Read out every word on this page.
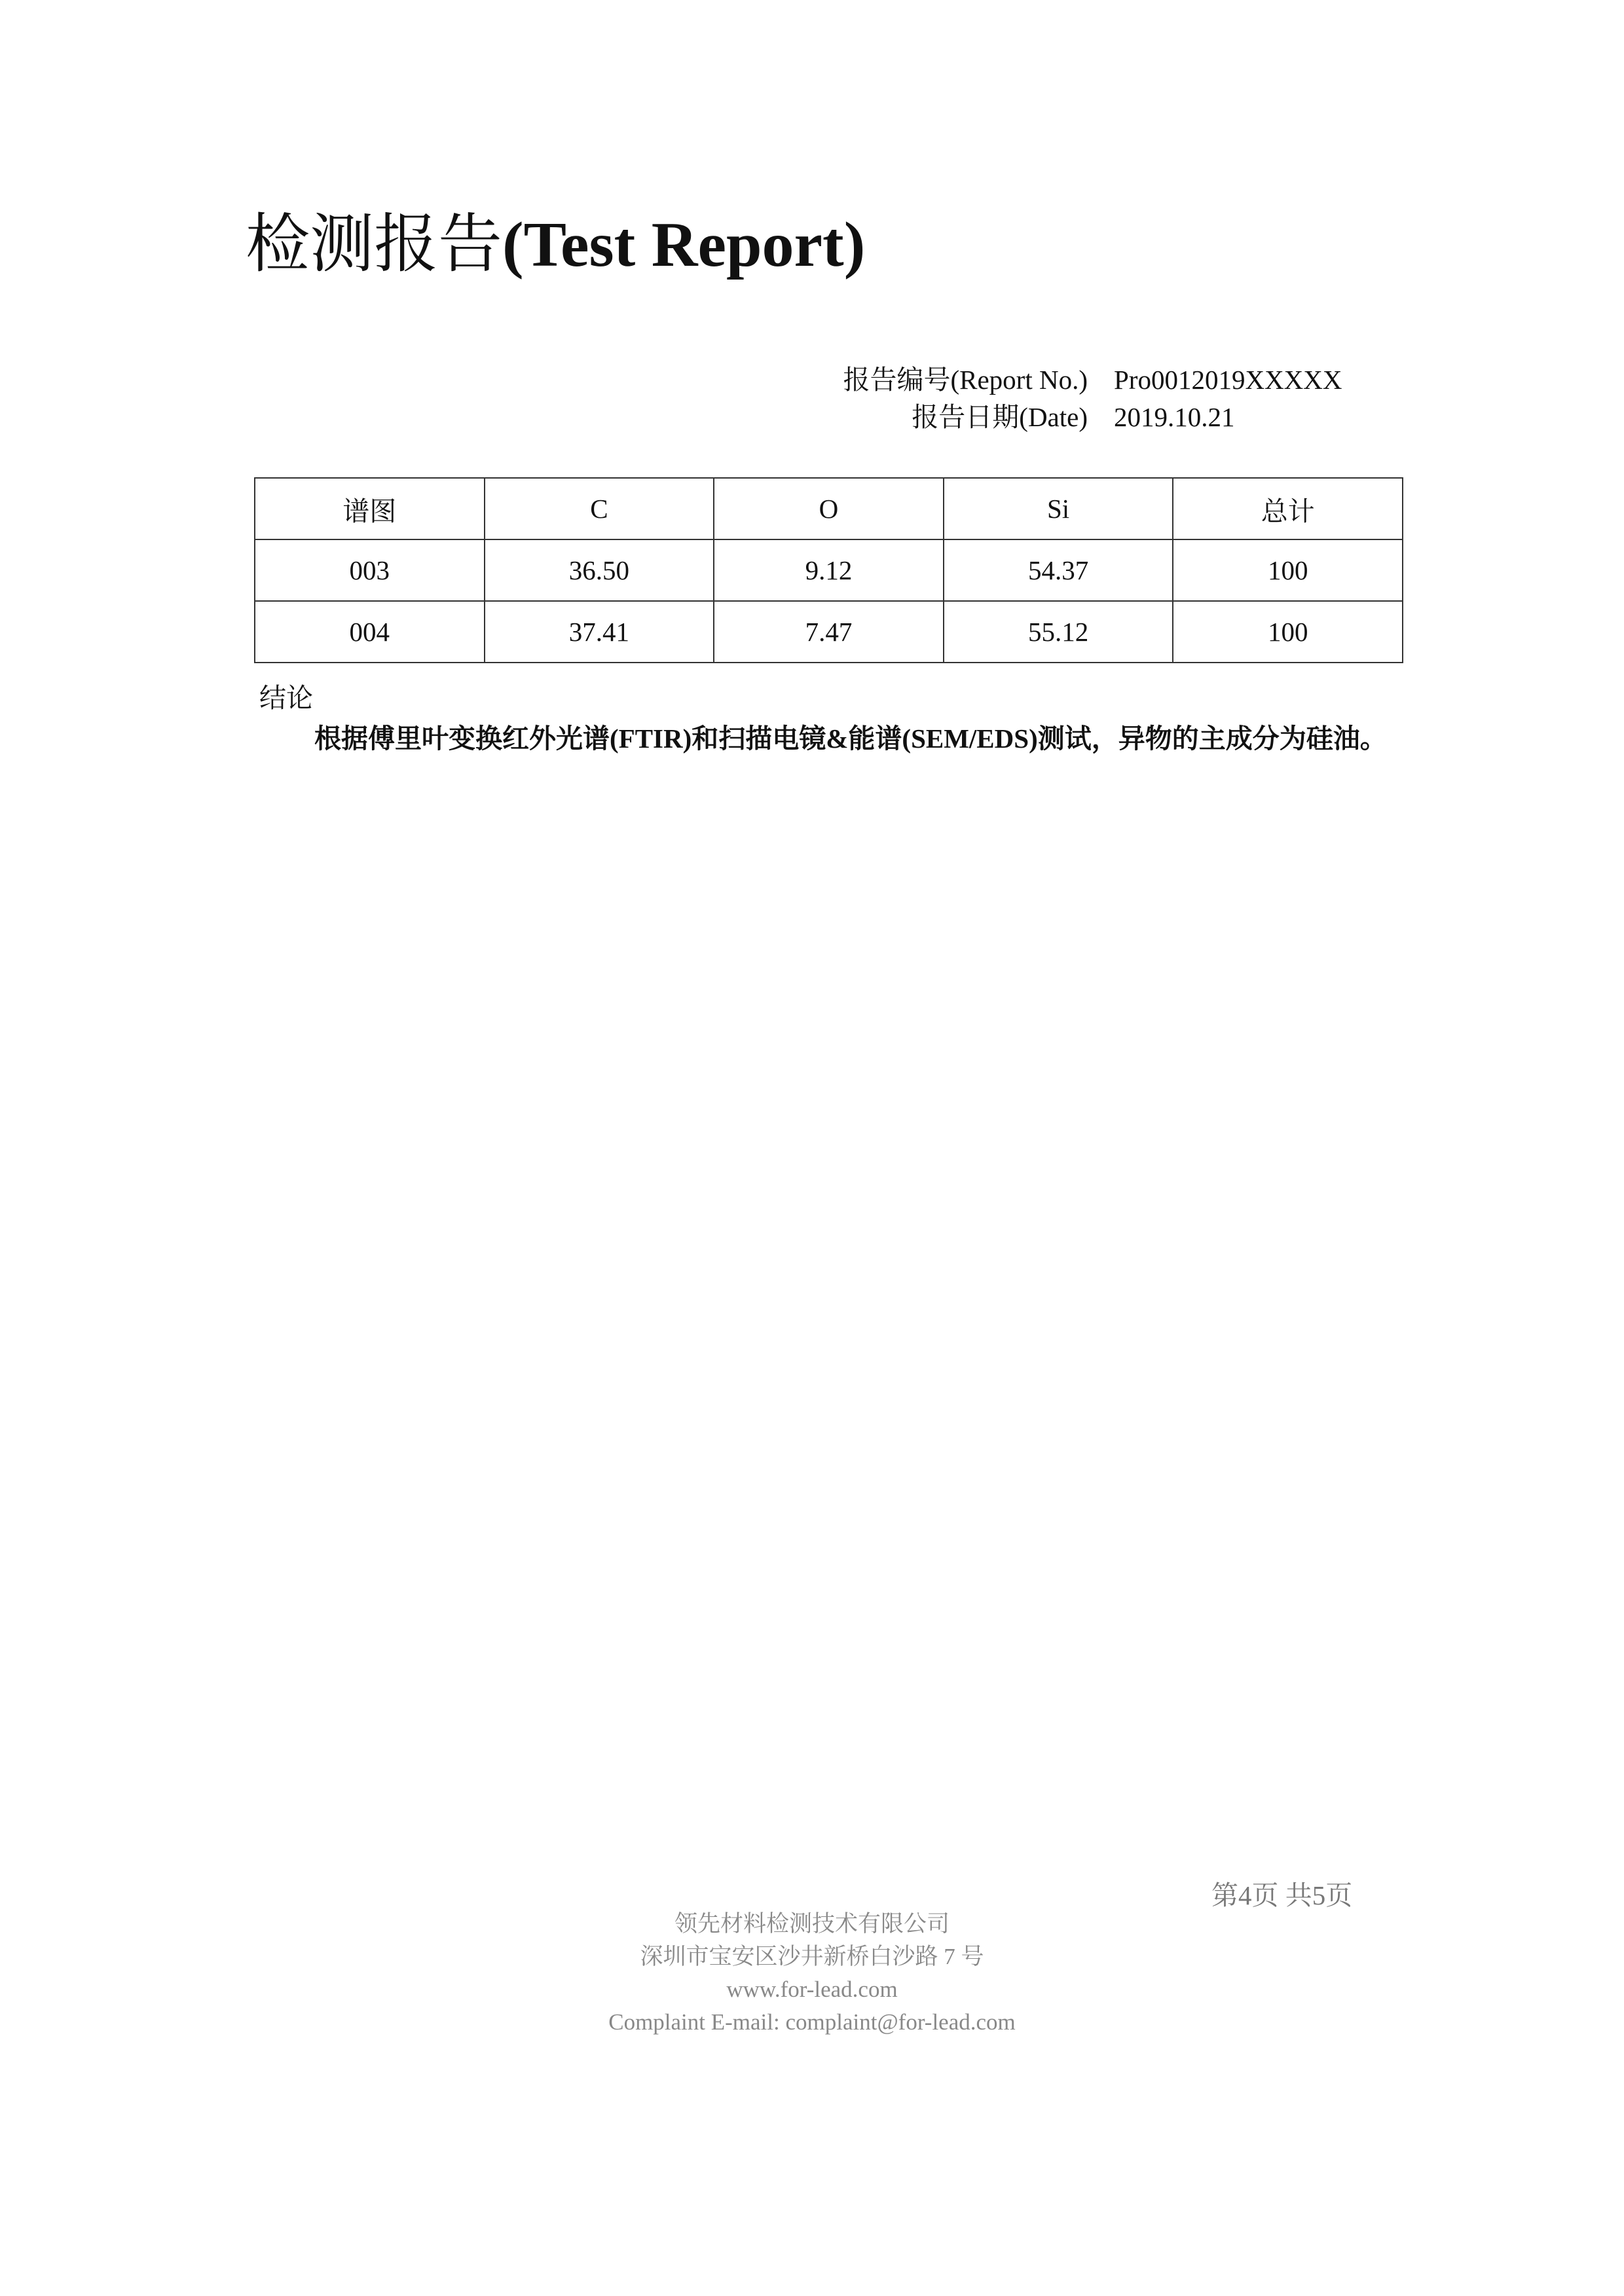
检测报告(Test Report)
报告编号(Report No.) Pro0012019XXXXX
报告日期(Date) 2019.10.21
谱图	C	O	Si	总计
003	36.50	9.12	54.37	100
004	37.41	7.47	55.12	100
结论

根据傅里叶变换红外光谱(FTIR)和扫描电镜&能谱(SEM/EDS)测试，异物的主成分为硅油。

第4页 共5页
领先材料检测技术有限公司
深圳市宝安区沙井新桥白沙路 7 号
www.for-lead.com
Complaint E-mail: complaint@for-lead.com
